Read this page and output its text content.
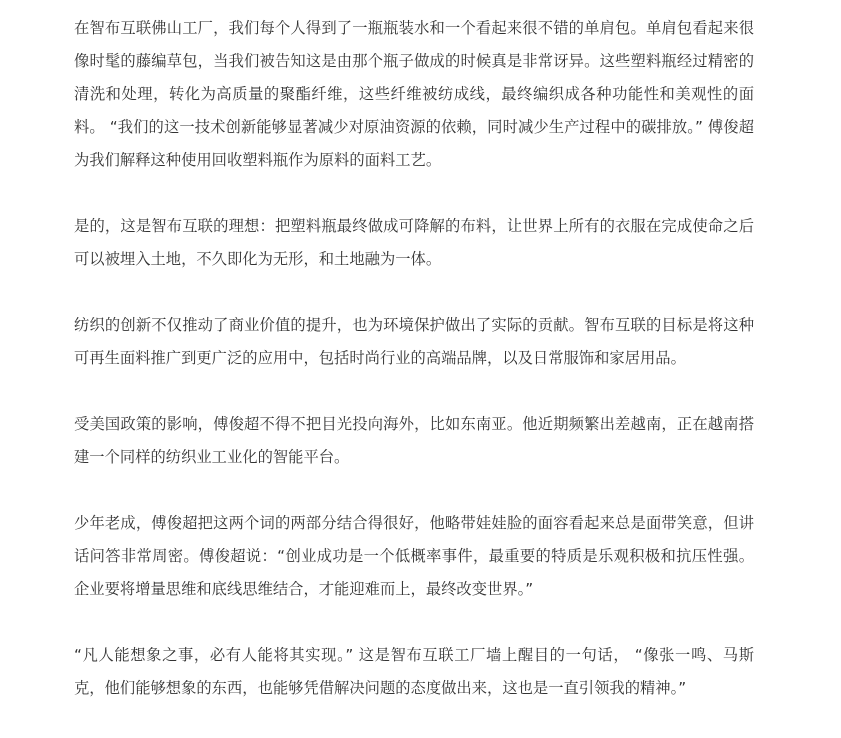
在智布互联佛山工厂，我们每个人得到了一瓶瓶装水和一个看起来很不错的单肩包。单肩包看起来很像时髦的藤编草包，当我们被告知这是由那个瓶子做成的时候真是非常讶异。这些塑料瓶经过精密的清洗和处理，转化为高质量的聚酯纤维，这些纤维被纺成线，最终编织成各种功能性和美观性的面料。 “我们的这一技术创新能够显著减少对原油资源的依赖，同时减少生产过程中的碳排放。” 傅俊超为我们解释这种使用回收塑料瓶作为原料的面料工艺。

是的，这是智布互联的理想：把塑料瓶最终做成可降解的布料，让世界上所有的衣服在完成使命之后可以被埋入土地，不久即化为无形，和土地融为一体。

纺织的创新不仅推动了商业价值的提升，也为环境保护做出了实际的贡献。智布互联的目标是将这种可再生面料推广到更广泛的应用中，包括时尚行业的高端品牌，以及日常服饰和家居用品。

受美国政策的影响，傅俊超不得不把目光投向海外，比如东南亚。他近期频繁出差越南，正在越南搭建一个同样的纺织业工业化的智能平台。

少年老成，傅俊超把这两个词的两部分结合得很好，他略带娃娃脸的面容看起来总是面带笑意，但讲话问答非常周密。傅俊超说：“创业成功是一个低概率事件，最重要的特质是乐观积极和抗压性强。企业要将增量思维和底线思维结合，才能迎难而上，最终改变世界。”

“凡人能想象之事，必有人能将其实现。” 这是智布互联工厂墙上醒目的一句话， “像张一鸣、马斯克，他们能够想象的东西，也能够凭借解决问题的态度做出来，这也是一直引领我的精神。”
